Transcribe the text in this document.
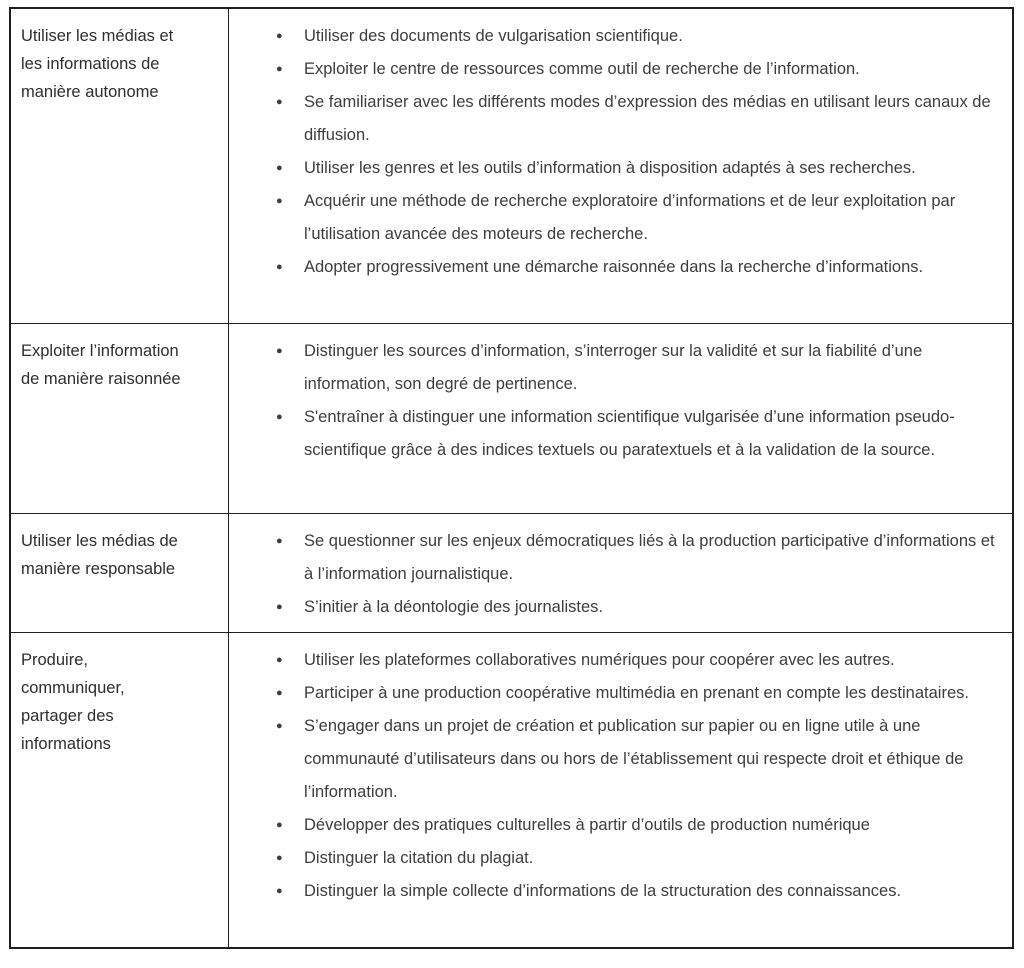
Utiliser les médias et
les informations de
manière autonome
● Utiliser des documents de vulgarisation scientifique.
● Exploiter le centre de ressources comme outil de recherche de l’information.
● Se familiariser avec les différents modes d’expression des médias en utilisant leurs canaux de diffusion.
● Utiliser les genres et les outils d’information à disposition adaptés à ses recherches.
● Acquérir une méthode de recherche exploratoire d’informations et de leur exploitation par l’utilisation avancée des moteurs de recherche.
● Adopter progressivement une démarche raisonnée dans la recherche d’informations.
Exploiter l’information
de manière raisonnée
● Distinguer les sources d’information, s’interroger sur la validité et sur la fiabilité d’une information, son degré de pertinence.
● S'entraîner à distinguer une information scientifique vulgarisée d’une information pseudo-scientifique grâce à des indices textuels ou paratextuels et à la validation de la source.
Utiliser les médias de
manière responsable
● Se questionner sur les enjeux démocratiques liés à la production participative d’informations et à l’information journalistique.
● S’initier à la déontologie des journalistes.
Produire, communiquer,
partager des
informations
● Utiliser les plateformes collaboratives numériques pour coopérer avec les autres.
● Participer à une production coopérative multimédia en prenant en compte les destinataires.
● S’engager dans un projet de création et publication sur papier ou en ligne utile à une communauté d’utilisateurs dans ou hors de l’établissement qui respecte droit et éthique de l’information.
● Développer des pratiques culturelles à partir d’outils de production numérique
● Distinguer la citation du plagiat.
● Distinguer la simple collecte d’informations de la structuration des connaissances.
